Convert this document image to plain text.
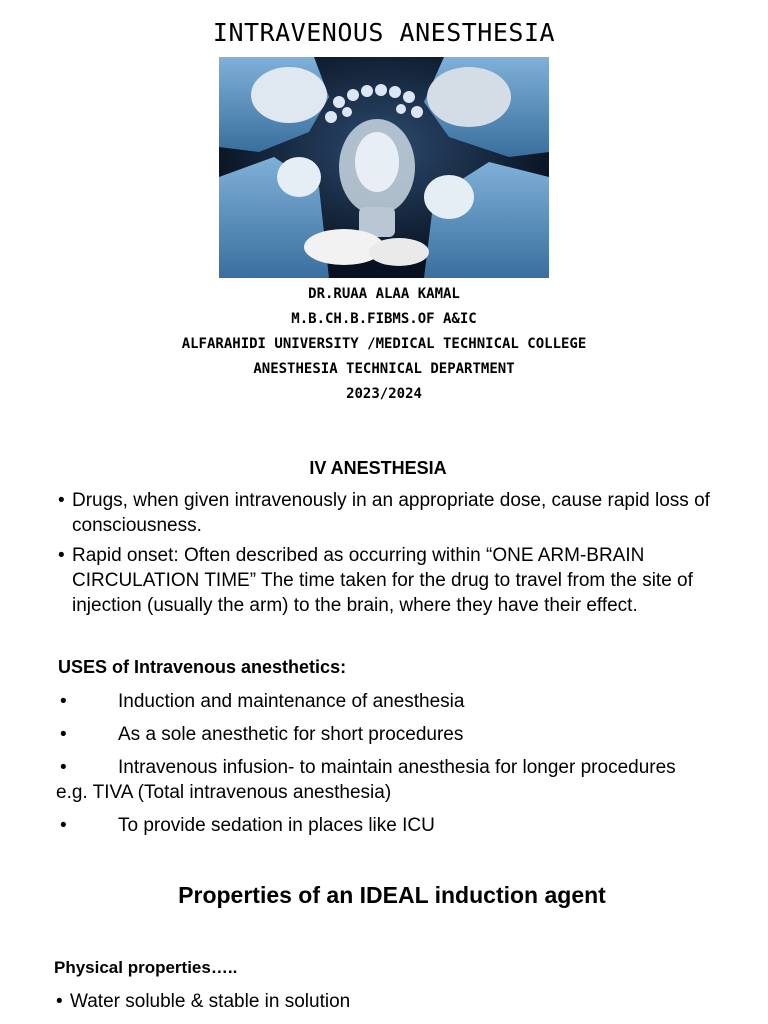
INTRAVENOUS ANESTHESIA
DR.RUAA ALAA KAMAL
M.B.CH.B.FIBMS.OF A&IC
ALFARAHIDI UNIVERSITY /MEDICAL TECHNICAL COLLEGE
ANESTHESIA TECHNICAL DEPARTMENT
2023/2024
IV ANESTHESIA
• Drugs, when given intravenously in an appropriate dose, cause rapid loss of consciousness.
• Rapid onset: Often described as occurring within “ONE ARM-BRAIN CIRCULATION TIME” The time taken for the drug to travel from the site of injection (usually the arm) to the brain, where they have their effect.
USES of Intravenous anesthetics:
•	Induction and maintenance of anesthesia
•	As a sole anesthetic for short procedures
•	Intravenous infusion- to maintain anesthesia for longer procedures
e.g. TIVA (Total intravenous anesthesia)
•	To provide sedation in places like ICU
Properties of an IDEAL induction agent
Physical properties…..
• Water soluble & stable in solution
